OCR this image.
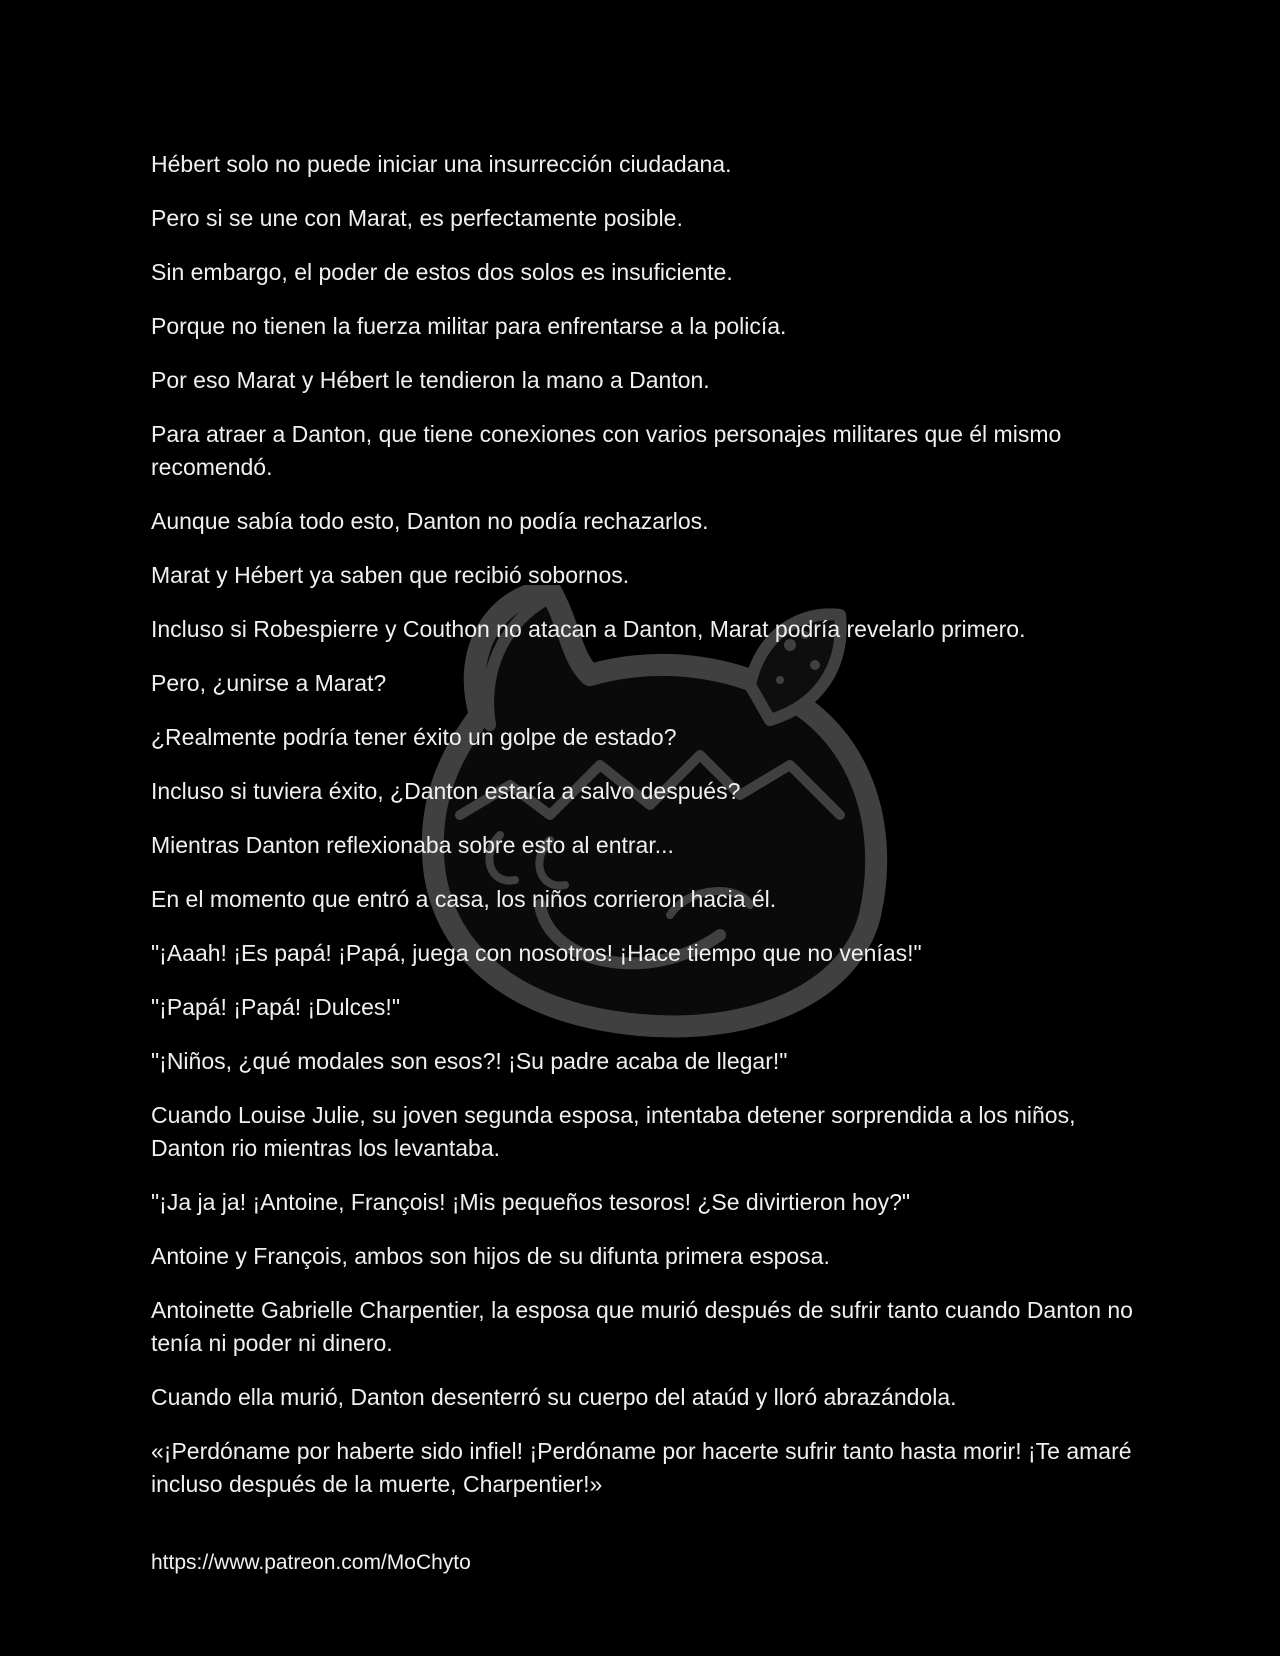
Hébert solo no puede iniciar una insurrección ciudadana.

Pero si se une con Marat, es perfectamente posible.

Sin embargo, el poder de estos dos solos es insuficiente.

Porque no tienen la fuerza militar para enfrentarse a la policía.

Por eso Marat y Hébert le tendieron la mano a Danton.

Para atraer a Danton, que tiene conexiones con varios personajes militares que él mismo recomendó.

Aunque sabía todo esto, Danton no podía rechazarlos.

Marat y Hébert ya saben que recibió sobornos.

Incluso si Robespierre y Couthon no atacan a Danton, Marat podría revelarlo primero.

Pero, ¿unirse a Marat?

¿Realmente podría tener éxito un golpe de estado?

Incluso si tuviera éxito, ¿Danton estaría a salvo después?

Mientras Danton reflexionaba sobre esto al entrar...

En el momento que entró a casa, los niños corrieron hacia él.

"¡Aaah! ¡Es papá! ¡Papá, juega con nosotros! ¡Hace tiempo que no venías!"

"¡Papá! ¡Papá! ¡Dulces!"

"¡Niños, ¿qué modales son esos?! ¡Su padre acaba de llegar!"

Cuando Louise Julie, su joven segunda esposa, intentaba detener sorprendida a los niños, Danton rio mientras los levantaba.

"¡Ja ja ja! ¡Antoine, François! ¡Mis pequeños tesoros! ¿Se divirtieron hoy?"

Antoine y François, ambos son hijos de su difunta primera esposa.

Antoinette Gabrielle Charpentier, la esposa que murió después de sufrir tanto cuando Danton no tenía ni poder ni dinero.

Cuando ella murió, Danton desenterró su cuerpo del ataúd y lloró abrazándola.

«¡Perdóname por haberte sido infiel! ¡Perdóname por hacerte sufrir tanto hasta morir! ¡Te amaré incluso después de la muerte, Charpentier!»

https://www.patreon.com/MoChyto
